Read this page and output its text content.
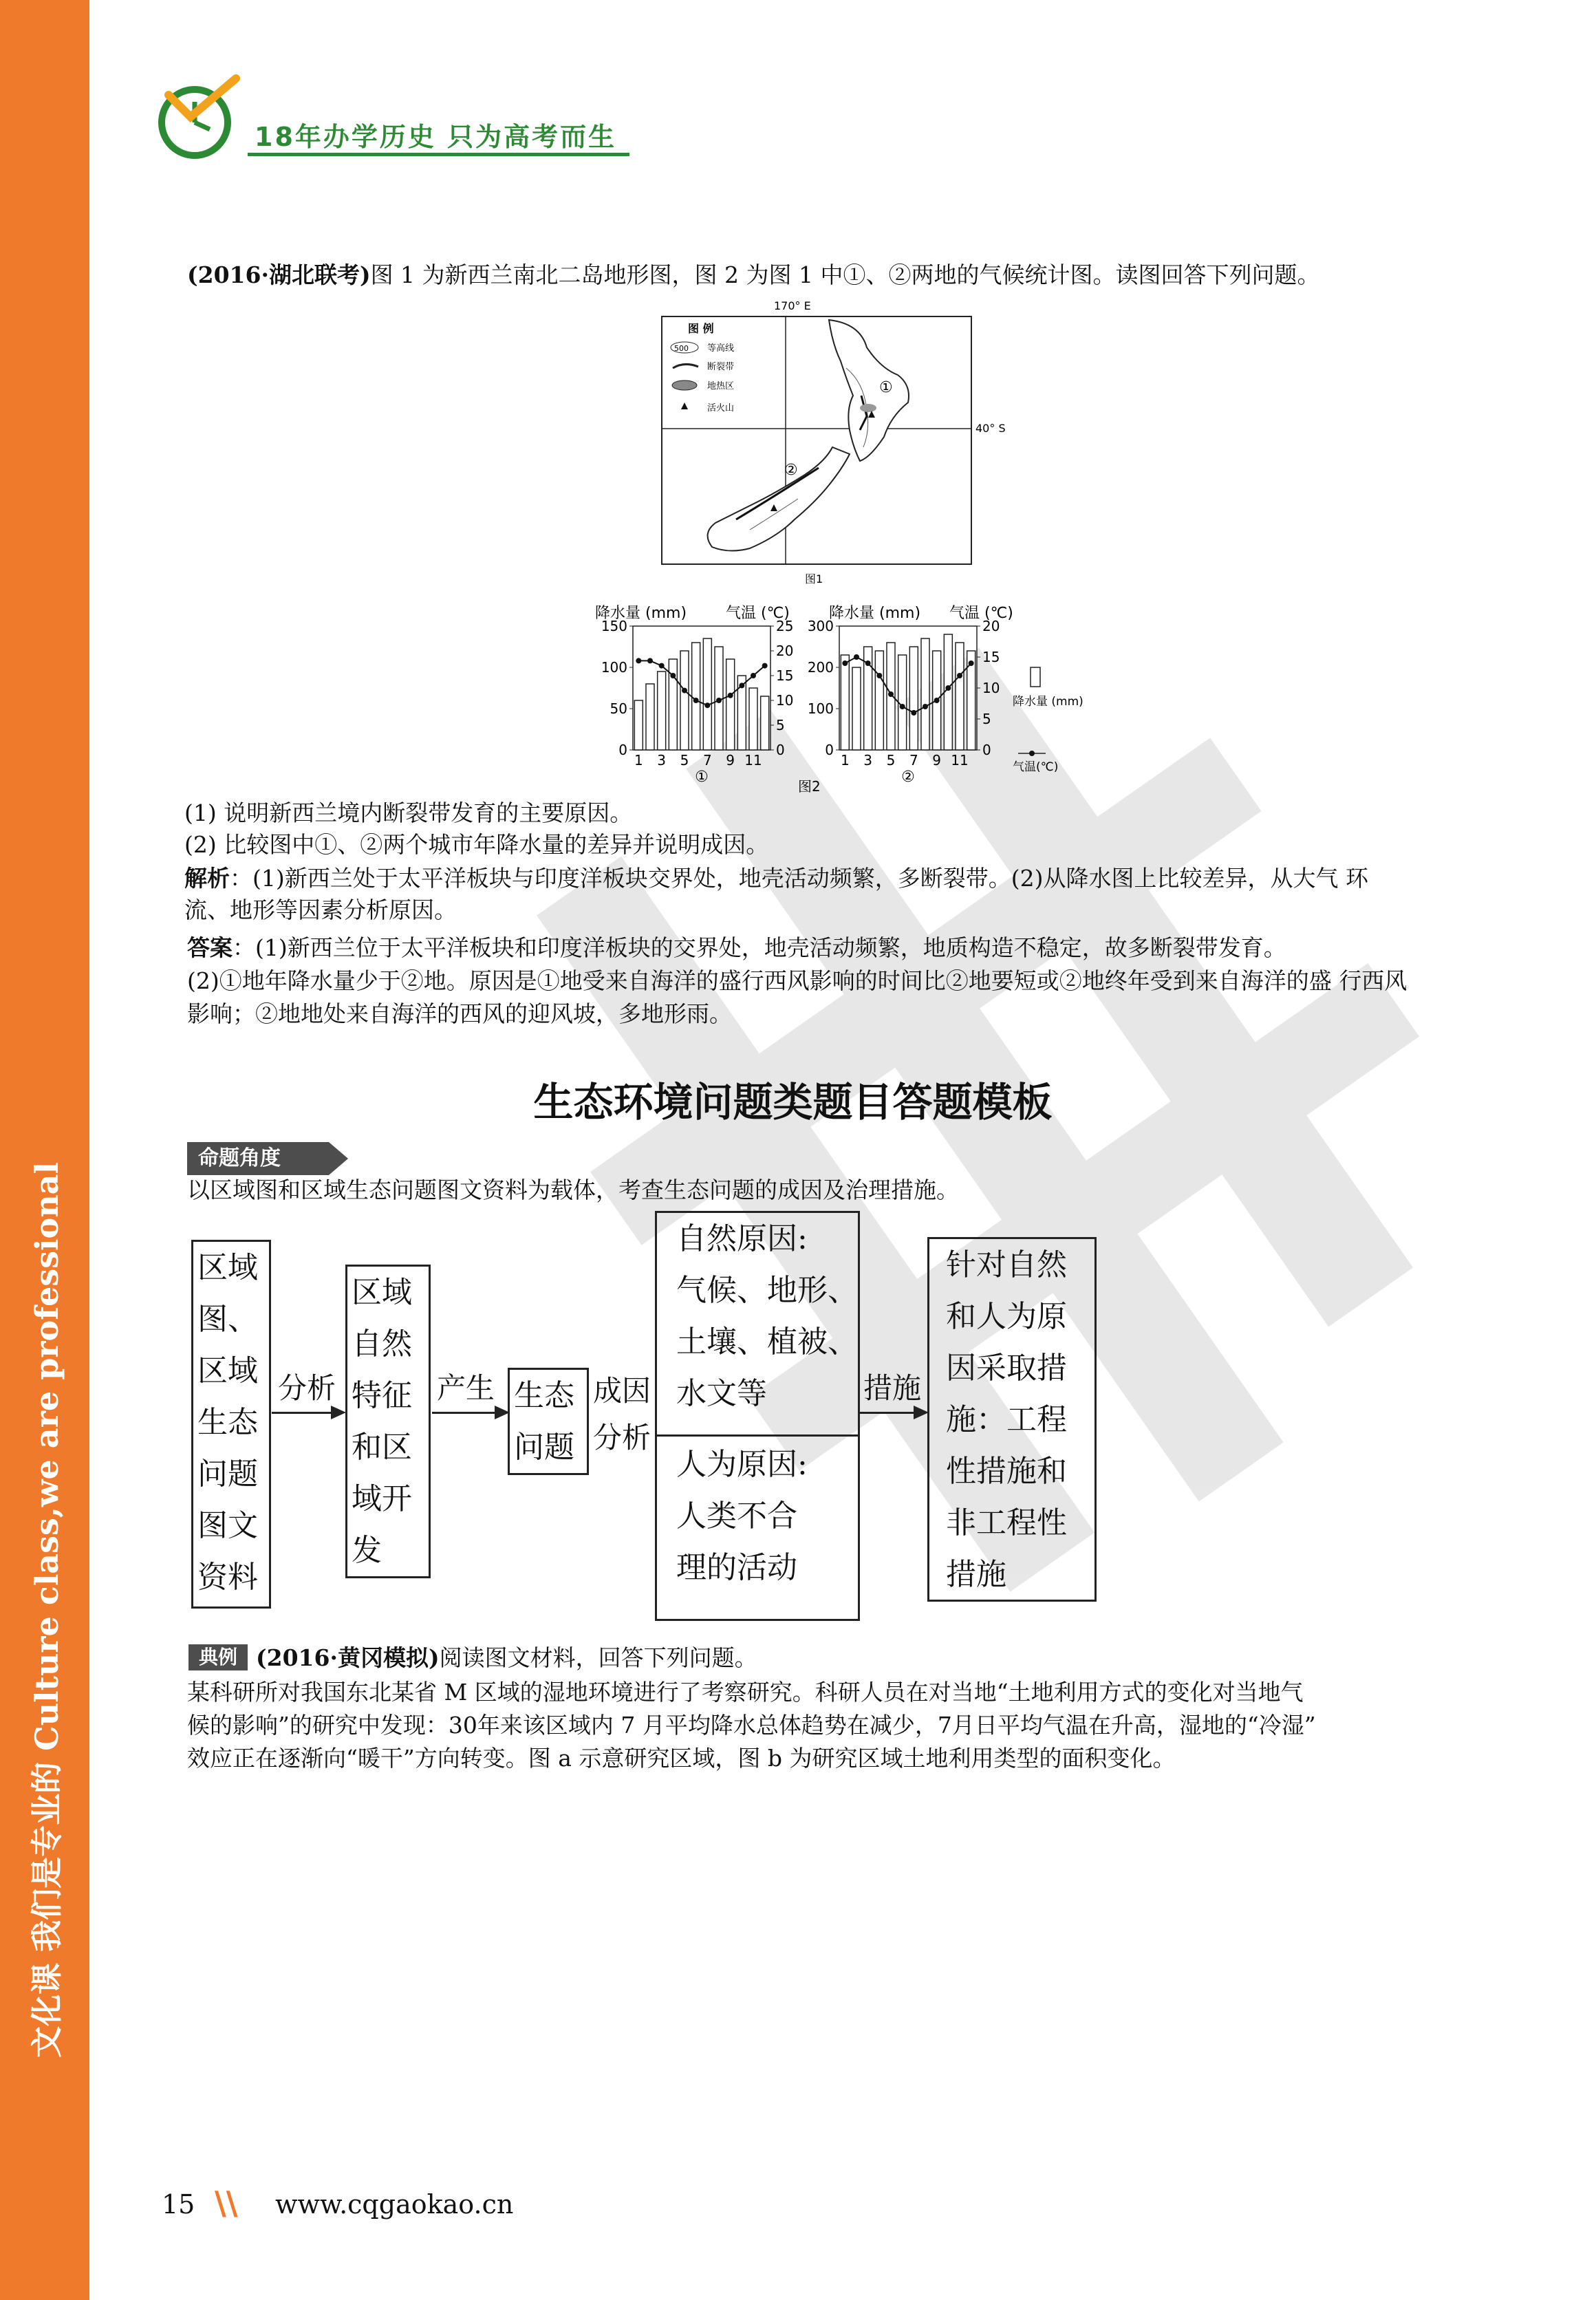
文化课 我们是专业的 Culture class,we are professional
18年办学历史 只为高考而生
(2016·湖北联考)图 1 为新西兰南北二岛地形图，图 2 为图 1 中①、②两地的气候统计图。读图回答下列问题。
170° E
40° S
图 例
500 等高线
断裂带
地热区
活火山
①
②
图1
降水量 (mm)	气温 (℃)	降水量 (mm) 气温 (℃)
0
50
100
150
0
5
10
15
20
25
1 3 5 7 9 11
①
0
100
200
300
0
5
10
15
20
1 3 5 7 9 11
②
图2
降水量 (mm)
气温(℃)
(1) 说明新西兰境内断裂带发育的主要原因。
(2) 比较图中①、②两个城市年降水量的差异并说明成因。
解析：(1)新西兰处于太平洋板块与印度洋板块交界处，地壳活动频繁，多断裂带。(2)从降水图上比较差异，从大气 环
流、地形等因素分析原因。
答案：(1)新西兰位于太平洋板块和印度洋板块的交界处，地壳活动频繁，地质构造不稳定，故多断裂带发育。
(2)①地年降水量少于②地。原因是①地受来自海洋的盛行西风影响的时间比②地要短或②地终年受到来自海洋的盛 行西风
影响；②地地处来自海洋的西风的迎风坡，多地形雨。
生态环境问题类题目答题模板
命题角度
以区域图和区域生态问题图文资料为载体，考查生态问题的成因及治理措施。
区域
图、
区域
生态
问题
图文
资料
分析
区域
自然
特征
和区
域开
发
产生 生态
问题
成因
分析
自然原因:
气候、地形、
土壤、植被、
水文等
人为原因:
人类不合
理的活动
措施
针对自然
和人为原
因采取措
施：工程
性措施和
非工程性
措施
典例 (2016·黄冈模拟)阅读图文材料，回答下列问题。
某科研所对我国东北某省 M 区域的湿地环境进行了考察研究。科研人员在对当地“土地利用方式的变化对当地气
候的影响”的研究中发现：30年来该区域内 7 月平均降水总体趋势在减少，7月日平均气温在升高，湿地的“冷湿”
效应正在逐渐向“暖干”方向转变。图 a 示意研究区域，图 b 为研究区域土地利用类型的面积变化。
15 \\ www.cqgaokao.cn
